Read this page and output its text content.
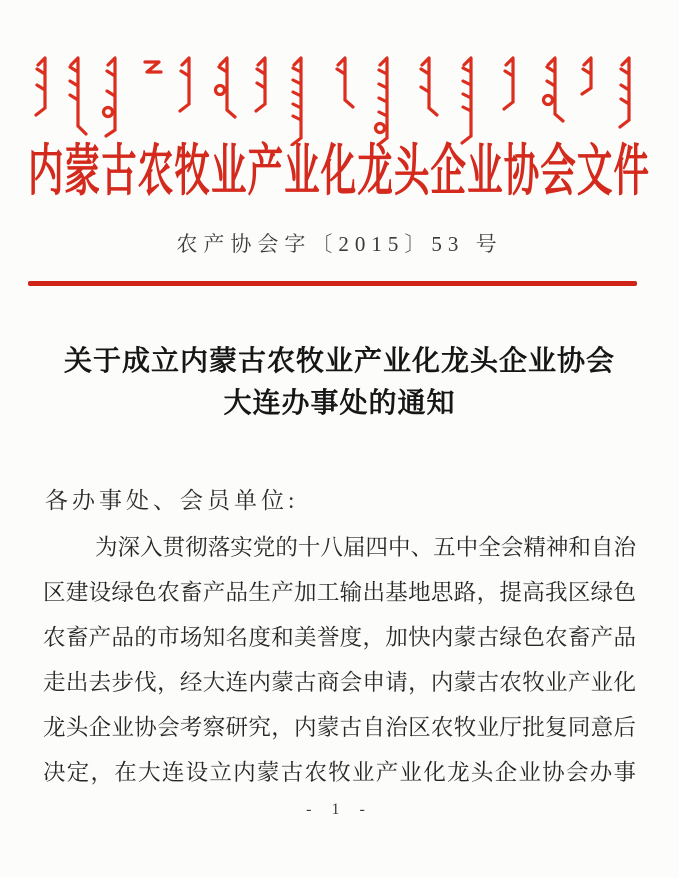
内蒙古农牧业产业化龙头企业协会文件
农产协会字〔2015〕53 号
关于成立内蒙古农牧业产业化龙头企业协会
大连办事处的通知
各办事处、会员单位:
为深入贯彻落实党的十八届四中、五中全会精神和自治
区建设绿色农畜产品生产加工输出基地思路，提高我区绿色
农畜产品的市场知名度和美誉度，加快内蒙古绿色农畜产品
走出去步伐，经大连内蒙古商会申请，内蒙古农牧业产业化
龙头企业协会考察研究，内蒙古自治区农牧业厅批复同意后
决定，在大连设立内蒙古农牧业产业化龙头企业协会办事
- 1 -
